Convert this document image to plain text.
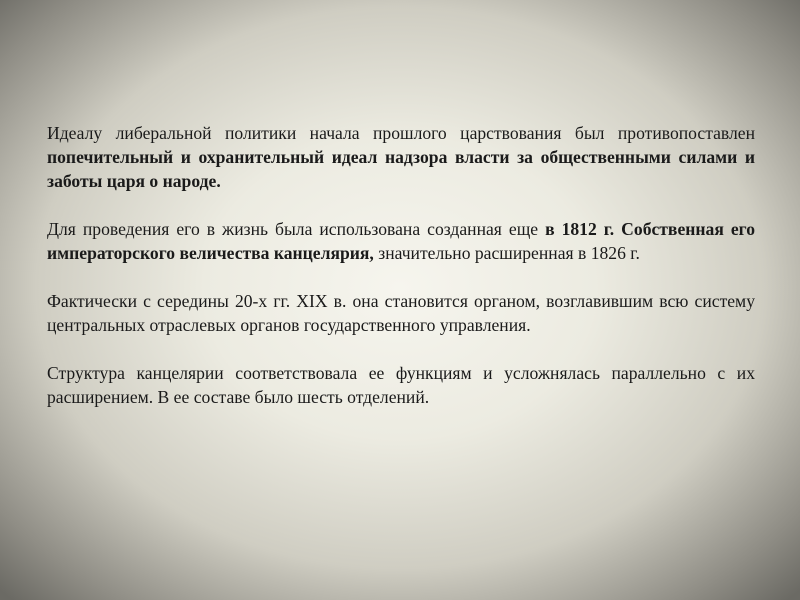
Идеалу либеральной политики начала прошлого царствования был противопоставлен попечительный и охранительный идеал надзора власти за общественными силами и заботы царя о народе.

Для проведения его в жизнь была использована созданная еще в 1812 г. Собственная его императорского величества канцелярия, значительно расширенная в 1826 г.

Фактически с середины 20-х гг. XIX в. она становится органом, возглавившим всю систему центральных отраслевых органов государственного управления.

Структура канцелярии соответствовала ее функциям и усложнялась параллельно с их расширением. В ее составе было шесть отделений.
